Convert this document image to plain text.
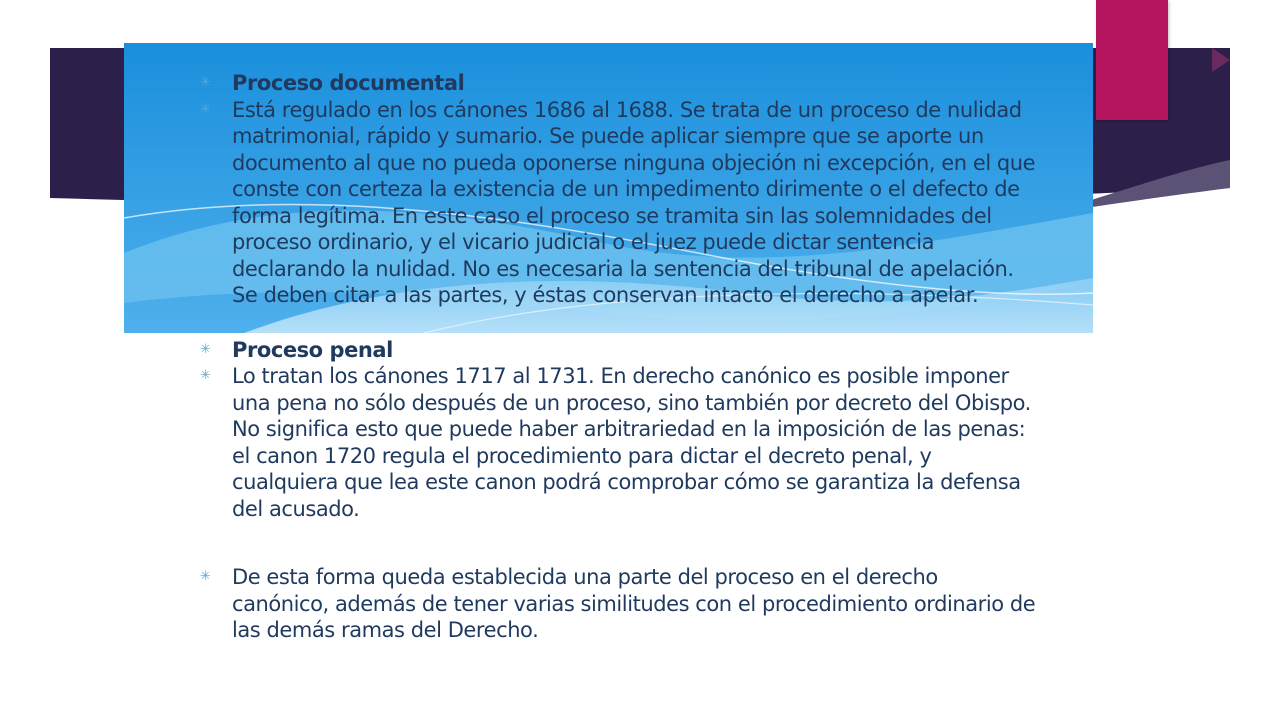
✳ Proceso documental
✳ Está regulado en los cánones 1686 al 1688. Se trata de un proceso de nulidad matrimonial, rápido y sumario. Se puede aplicar siempre que se aporte un documento al que no pueda oponerse ninguna objeción ni excepción, en el que conste con certeza la existencia de un impedimento dirimente o el defecto de forma legítima. En este caso el proceso se tramita sin las solemnidades del proceso ordinario, y el vicario judicial o el juez puede dictar sentencia declarando la nulidad. No es necesaria la sentencia del tribunal de apelación. Se deben citar a las partes, y éstas conservan intacto el derecho a apelar.
✳ Proceso penal
✳ Lo tratan los cánones 1717 al 1731. En derecho canónico es posible imponer una pena no sólo después de un proceso, sino también por decreto del Obispo. No significa esto que puede haber arbitrariedad en la imposición de las penas: el canon 1720 regula el procedimiento para dictar el decreto penal, y cualquiera que lea este canon podrá comprobar cómo se garantiza la defensa del acusado.
✳ De esta forma queda establecida una parte del proceso en el derecho canónico, además de tener varias similitudes con el procedimiento ordinario de las demás ramas del Derecho.
